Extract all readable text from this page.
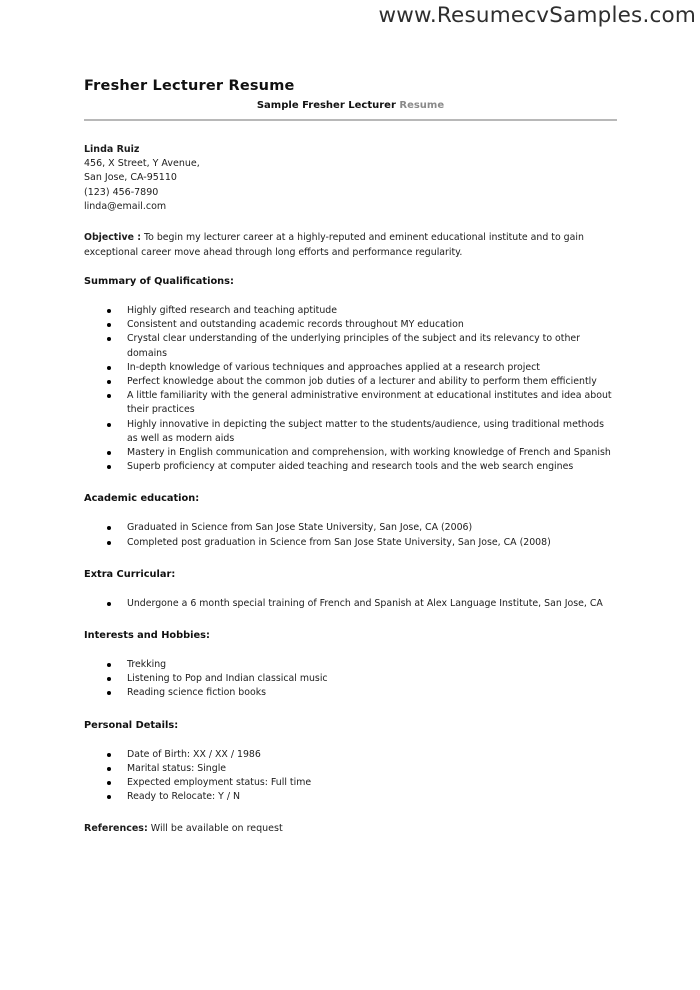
www.ResumecvSamples.com
Fresher Lecturer Resume
Sample Fresher Lecturer Resume
Linda Ruiz
456, X Street, Y Avenue,
San Jose, CA-95110
(123) 456-7890
linda@email.com
Objective : To begin my lecturer career at a highly-reputed and eminent educational institute and to gain exceptional career move ahead through long efforts and performance regularity.
Summary of Qualifications:
Highly gifted research and teaching aptitude
Consistent and outstanding academic records throughout MY education
Crystal clear understanding of the underlying principles of the subject and its relevancy to other domains
In-depth knowledge of various techniques and approaches applied at a research project
Perfect knowledge about the common job duties of a lecturer and ability to perform them efficiently
A little familiarity with the general administrative environment at educational institutes and idea about their practices
Highly innovative in depicting the subject matter to the students/audience, using traditional methods as well as modern aids
Mastery in English communication and comprehension, with working knowledge of French and Spanish
Superb proficiency at computer aided teaching and research tools and the web search engines
Academic education:
Graduated in Science from San Jose State University, San Jose, CA (2006)
Completed post graduation in Science from San Jose State University, San Jose, CA (2008)
Extra Curricular:
Undergone a 6 month special training of French and Spanish at Alex Language Institute, San Jose, CA
Interests and Hobbies:
Trekking
Listening to Pop and Indian classical music
Reading science fiction books
Personal Details:
Date of Birth: XX / XX / 1986
Marital status: Single
Expected employment status: Full time
Ready to Relocate: Y / N
References: Will be available on request
